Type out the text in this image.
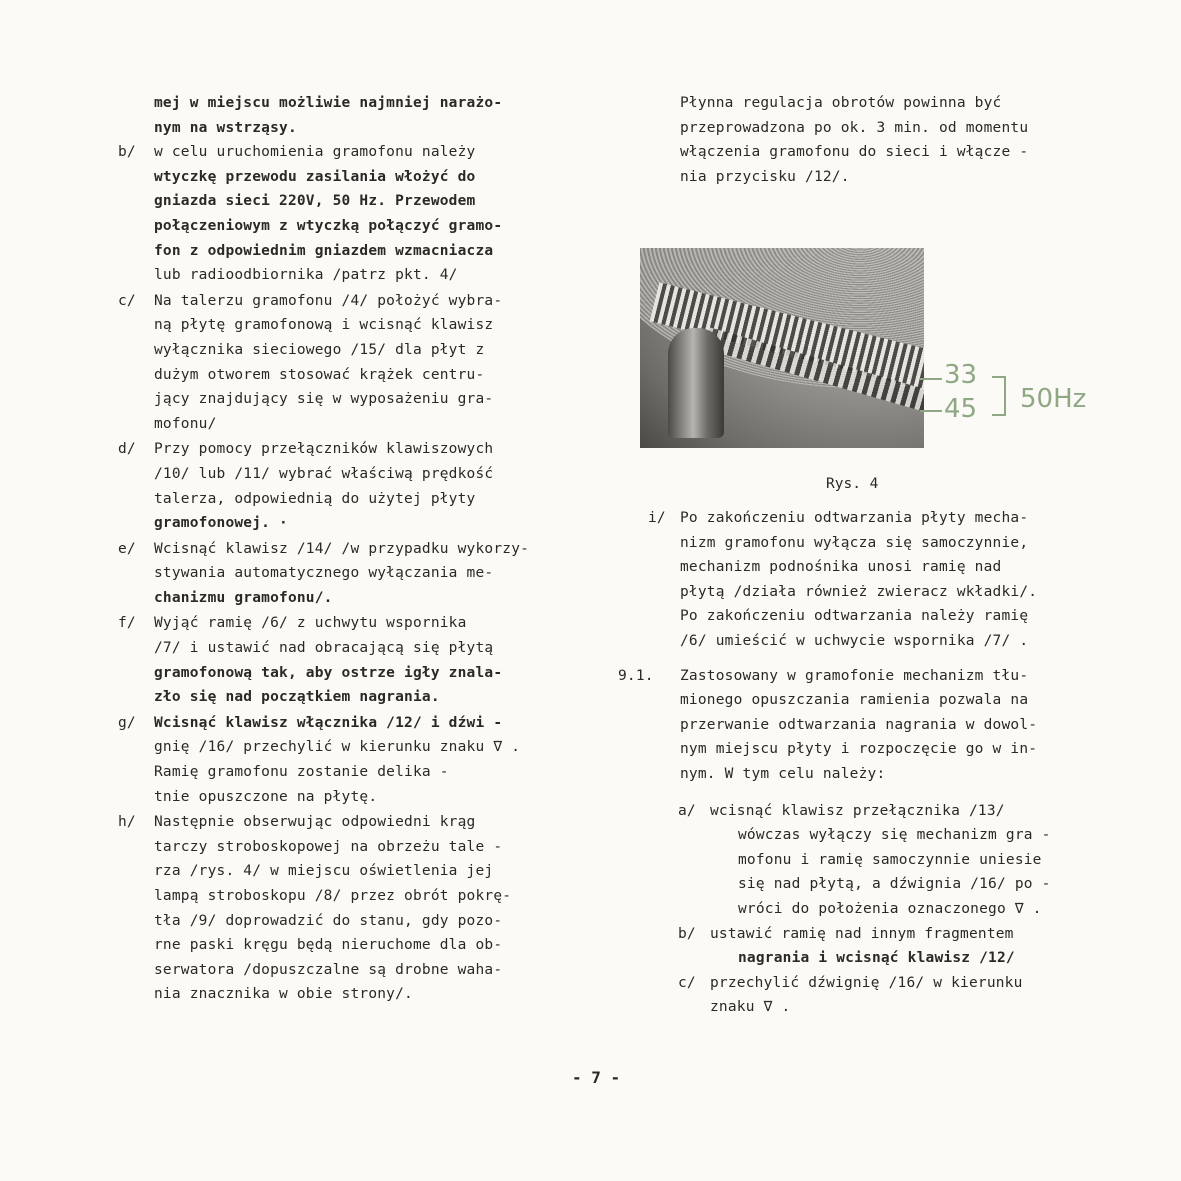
mej w miejscu możliwie najmniej narażo-
nym na wstrząsy.
b/ w celu uruchomienia gramofonu należy
wtyczkę przewodu zasilania włożyć do
gniazda sieci 220V, 50 Hz. Przewodem
połączeniowym z wtyczką połączyć gramo-
fon z odpowiednim gniazdem wzmacniacza
lub radioodbiornika /patrz pkt. 4/
c/ Na talerzu gramofonu /4/ położyć wybra-
ną płytę gramofonową i wcisnąć klawisz
wyłącznika sieciowego /15/ dla płyt z
dużym otworem stosować krążek centru-
jący znajdujący się w wyposażeniu gra-
mofonu/
d/ Przy pomocy przełączników klawiszowych
/10/ lub /11/ wybrać właściwą prędkość
talerza, odpowiednią do użytej płyty
gramofonowej. ·
e/ Wcisnąć klawisz /14/ /w przypadku wykorzy-
stywania automatycznego wyłączania me-
chanizmu gramofonu/.
f/ Wyjąć ramię /6/ z uchwytu wspornika
/7/ i ustawić nad obracającą się płytą
gramofonową tak, aby ostrze igły znala-
zło się nad początkiem nagrania.
g/ Wcisnąć klawisz włącznika /12/ i dźwi -
gnię /16/ przechylić w kierunku znaku ∇ .
Ramię gramofonu zostanie delika -
tnie opuszczone na płytę.
h/ Następnie obserwując odpowiedni krąg
tarczy stroboskopowej na obrzeżu tale -
rza /rys. 4/ w miejscu oświetlenia jej
lampą stroboskopu /8/ przez obrót pokrę-
tła /9/ doprowadzić do stanu, gdy pozo-
rne paski kręgu będą nieruchome dla ob-
serwatora /dopuszczalne są drobne waha-
nia znacznika w obie strony/.
Płynna regulacja obrotów powinna być
przeprowadzona po ok. 3 min. od momentu
włączenia gramofonu do sieci i włącze -
nia przycisku /12/.
33
45 50Hz
Rys. 4
i/ Po zakończeniu odtwarzania płyty mecha-
nizm gramofonu wyłącza się samoczynnie,
mechanizm podnośnika unosi ramię nad
płytą /działa również zwieracz wkładki/.
Po zakończeniu odtwarzania należy ramię
/6/ umieścić w uchwycie wspornika /7/ .
9.1. Zastosowany w gramofonie mechanizm tłu-
mionego opuszczania ramienia pozwala na
przerwanie odtwarzania nagrania w dowol-
nym miejscu płyty i rozpoczęcie go w in-
nym. W tym celu należy:
a/ wcisnąć klawisz przełącznika /13/
wówczas wyłączy się mechanizm gra -
mofonu i ramię samoczynnie uniesie
się nad płytą, a dźwignia /16/ po -
wróci do położenia oznaczonego ∇ .
b/ ustawić ramię nad innym fragmentem
nagrania i wcisnąć klawisz /12/
c/ przechylić dźwignię /16/ w kierunku
znaku ∇ .
- 7 -
